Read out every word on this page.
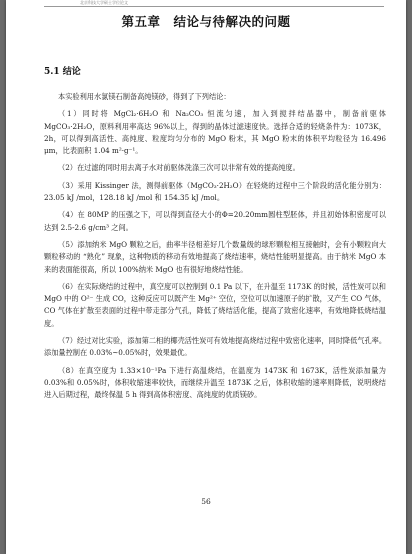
北京科技大学硕士学位论文
第五章　结论与待解决的问题
5.1 结论

本实验利用水氯镁石制备高纯镁砂，得到了下列结论：

（1）同时将 MgCl₂·6H₂O 和 Na₂CO₃ 恒流匀速，加入到搅拌结晶器中，制备前驱体 MgCO₃·2H₂O，原料利用率高达 96%以上，得到的晶体过滤速度快。选择合适的轻烧条件为：1073K，2h，可以得到高活性、高纯度、粒度均匀分布的 MgO 粉末，其 MgO 粉末的体积平均粒径为 16.496 μm，比表面积 1.04 m²·g⁻¹。

（2）在过滤的同时用去离子水对前驱体洗涤三次可以非常有效的提高纯度。

（3）采用 Kissinger 法，测得前驱体（MgCO₃·2H₂O）在轻烧的过程中三个阶段的活化能分别为：23.05 kJ /mol，128.18 kJ /mol 和 154.35 kJ /mol。

（4）在 80MP 的压强之下，可以得到直径大小的Φ=20.20mm圆柱型胚体，并且初始体积密度可以达到 2.5-2.6 g/cm³ 之间。

（5）添加纳米 MgO 颗粒之后，曲率半径相差好几个数量级的球形颗粒相互接触时，会有小颗粒向大颗粒移动的 “熟化” 现象，这种物质的移动有效地提高了烧结速率，烧结性能明显提高。由于纳米 MgO 本来的表面能很高，所以 100%纳米 MgO 也有很好地烧结性能。

（6）在实际烧结的过程中，真空度可以控制到 0.1 Pa 以下，在升温至 1173K 的时候，活性炭可以和 MgO 中的 O²⁻ 生成 CO，这种反应可以既产生 Mg²⁺ 空位，空位可以加速原子的扩散，又产生 CO 气体，CO 气体在扩散至表面的过程中带走部分气孔，降低了烧结活化能，提高了致密化速率，有效地降低烧结温度。

（7）经过对比实验，添加第二相的椰壳活性炭可有效地提高烧结过程中致密化速率，同时降低气孔率。添加量控制在 0.03%~0.05%时，效果最优。

（8）在真空度为 1.33×10⁻¹Pa 下进行高温烧结，在温度为 1473K 和 1673K，活性炭添加量为 0.03%和 0.05%时，体积收缩速率较快，而继续升温至 1873K 之后，体积收缩的速率则降低，说明烧结进入后期过程，最终保温 5 h 得到高体积密度、高纯度的优质镁砂。

56
